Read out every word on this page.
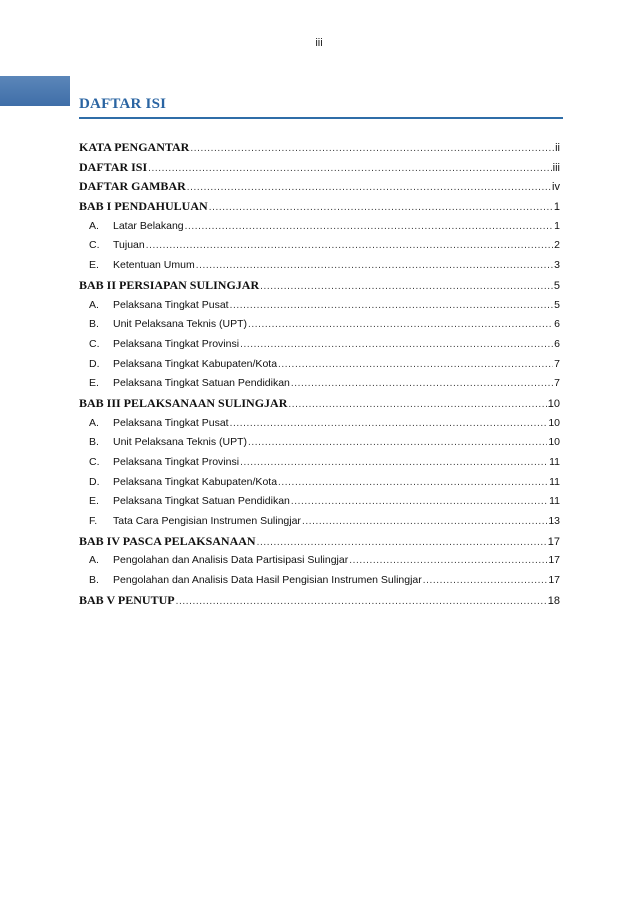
iii
DAFTAR ISI
KATA PENGANTAR .....	ii
DAFTAR ISI .....	iii
DAFTAR GAMBAR .....	iv
BAB I PENDAHULUAN .....	1
A.	Latar Belakang .....	1
C.	Tujuan .....	2
E.	Ketentuan Umum .....	3
BAB II PERSIAPAN SULINGJAR .....	5
A.	Pelaksana Tingkat Pusat .....	5
B.	Unit Pelaksana Teknis (UPT) .....	6
C.	Pelaksana Tingkat Provinsi .....	6
D.	Pelaksana Tingkat Kabupaten/Kota .....	7
E.	Pelaksana Tingkat Satuan Pendidikan .....	7
BAB III PELAKSANAAN SULINGJAR .....	10
A.	Pelaksana Tingkat Pusat .....	10
B.	Unit Pelaksana Teknis (UPT) .....	10
C.	Pelaksana Tingkat Provinsi .....	11
D.	Pelaksana Tingkat Kabupaten/Kota .....	11
E.	Pelaksana Tingkat Satuan Pendidikan .....	11
F.	Tata Cara Pengisian Instrumen Sulingjar .....	13
BAB IV PASCA PELAKSANAAN .....	17
A.	Pengolahan dan Analisis Data Partisipasi Sulingjar .....	17
B.	Pengolahan dan Analisis Data Hasil Pengisian Instrumen Sulingjar .....	17
BAB V PENUTUP .....	18
